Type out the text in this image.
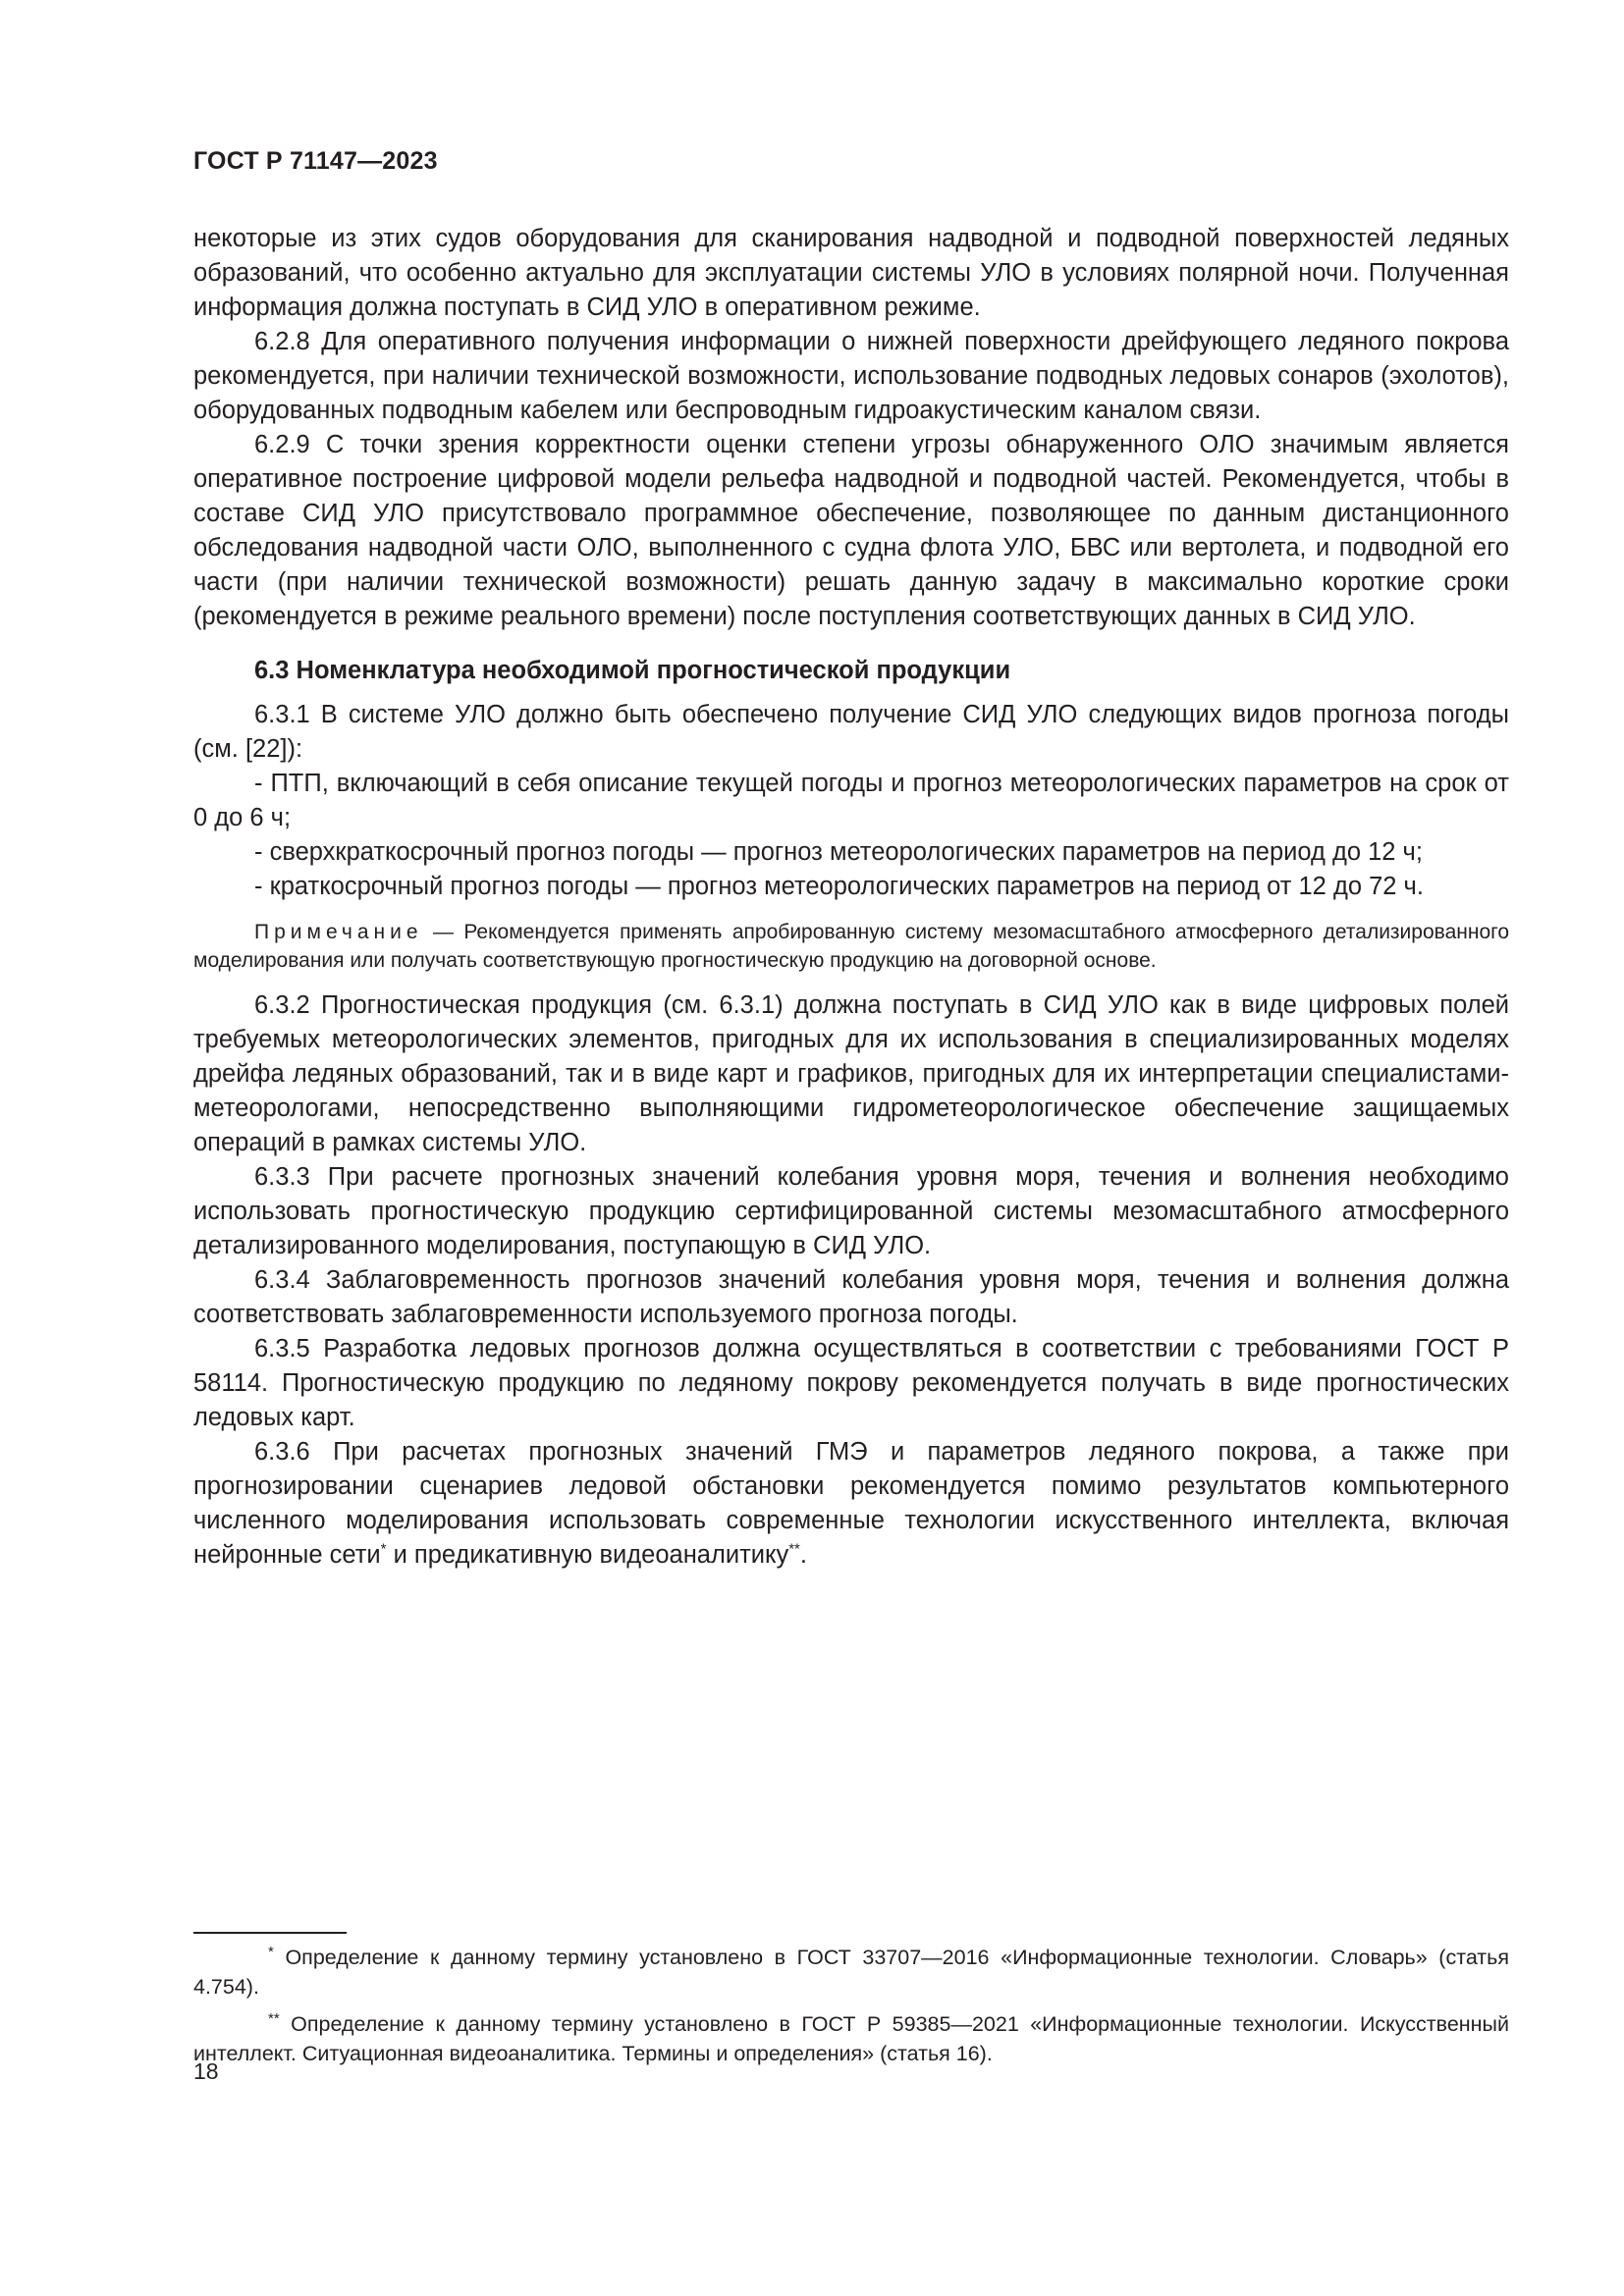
ГОСТ Р 71147—2023

некоторые из этих судов оборудования для сканирования надводной и подводной поверхностей ледяных образований, что особенно актуально для эксплуатации системы УЛО в условиях полярной ночи. Полученная информация должна поступать в СИД УЛО в оперативном режиме.

6.2.8 Для оперативного получения информации о нижней поверхности дрейфующего ледяного покрова рекомендуется, при наличии технической возможности, использование подводных ледовых сонаров (эхолотов), оборудованных подводным кабелем или беспроводным гидроакустическим каналом связи.

6.2.9 С точки зрения корректности оценки степени угрозы обнаруженного ОЛО значимым является оперативное построение цифровой модели рельефа надводной и подводной частей. Рекомендуется, чтобы в составе СИД УЛО присутствовало программное обеспечение, позволяющее по данным дистанционного обследования надводной части ОЛО, выполненного с судна флота УЛО, БВС или вертолета, и подводной его части (при наличии технической возможности) решать данную задачу в максимально короткие сроки (рекомендуется в режиме реального времени) после поступления соответствующих данных в СИД УЛО.

6.3 Номенклатура необходимой прогностической продукции

6.3.1 В системе УЛО должно быть обеспечено получение СИД УЛО следующих видов прогноза погоды (см. [22]):

- ПТП, включающий в себя описание текущей погоды и прогноз метеорологических параметров на срок от 0 до 6 ч;

- сверхкраткосрочный прогноз погоды — прогноз метеорологических параметров на период до 12 ч;

- краткосрочный прогноз погоды — прогноз метеорологических параметров на период от 12 до 72 ч.

Примечание — Рекомендуется применять апробированную систему мезомасштабного атмосферного детализированного моделирования или получать соответствующую прогностическую продукцию на договорной основе.

6.3.2 Прогностическая продукция (см. 6.3.1) должна поступать в СИД УЛО как в виде цифровых полей требуемых метеорологических элементов, пригодных для их использования в специализированных моделях дрейфа ледяных образований, так и в виде карт и графиков, пригодных для их интерпретации специалистами-метеорологами, непосредственно выполняющими гидрометеорологическое обеспечение защищаемых операций в рамках системы УЛО.

6.3.3 При расчете прогнозных значений колебания уровня моря, течения и волнения необходимо использовать прогностическую продукцию сертифицированной системы мезомасштабного атмосферного детализированного моделирования, поступающую в СИД УЛО.

6.3.4 Заблаговременность прогнозов значений колебания уровня моря, течения и волнения должна соответствовать заблаговременности используемого прогноза погоды.

6.3.5 Разработка ледовых прогнозов должна осуществляться в соответствии с требованиями ГОСТ Р 58114. Прогностическую продукцию по ледяному покрову рекомендуется получать в виде прогностических ледовых карт.

6.3.6 При расчетах прогнозных значений ГМЭ и параметров ледяного покрова, а также при прогнозировании сценариев ледовой обстановки рекомендуется помимо результатов компьютерного численного моделирования использовать современные технологии искусственного интеллекта, включая нейронные сети* и предикативную видеоаналитику**.

* Определение к данному термину установлено в ГОСТ 33707—2016 «Информационные технологии. Словарь» (статья 4.754).

** Определение к данному термину установлено в ГОСТ Р 59385—2021 «Информационные технологии. Искусственный интеллект. Ситуационная видеоаналитика. Термины и определения» (статья 16).

18
